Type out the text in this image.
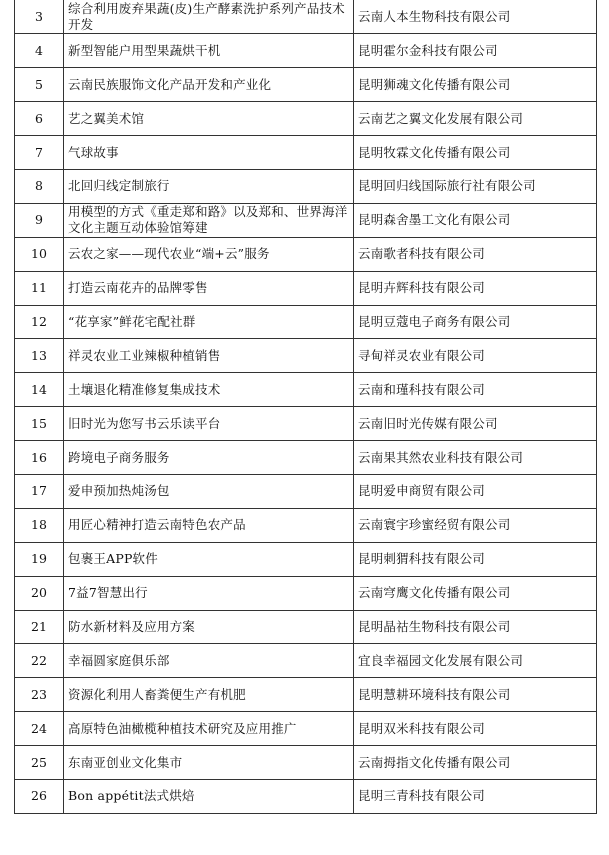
3	综合利用废弃果蔬(皮)生产酵素洗护系列产品技术开发	云南人本生物科技有限公司
4	新型智能户用型果蔬烘干机	昆明霍尔金科技有限公司
5	云南民族服饰文化产品开发和产业化	昆明狮魂文化传播有限公司
6	艺之翼美术馆	云南艺之翼文化发展有限公司
7	气球故事	昆明牧霖文化传播有限公司
8	北回归线定制旅行	昆明回归线国际旅行社有限公司
9	用模型的方式《重走郑和路》以及郑和、世界海洋文化主题互动体验馆筹建	昆明森舍墨工文化有限公司
10	云农之家——现代农业“端+云”服务	云南歌者科技有限公司
11	打造云南花卉的品牌零售	昆明卉辉科技有限公司
12	“花享家”鲜花宅配社群	昆明豆蔻电子商务有限公司
13	祥灵农业工业辣椒种植销售	寻甸祥灵农业有限公司
14	土壤退化精准修复集成技术	云南和瑾科技有限公司
15	旧时光为您写书云乐读平台	云南旧时光传媒有限公司
16	跨境电子商务服务	云南果其然农业科技有限公司
17	爱申预加热炖汤包	昆明爱申商贸有限公司
18	用匠心精神打造云南特色农产品	云南寰宇珍蜜经贸有限公司
19	包裹王APP软件	昆明刺猬科技有限公司
20	7益7智慧出行	云南穹鹰文化传播有限公司
21	防水新材料及应用方案	昆明晶祜生物科技有限公司
22	幸福圆家庭俱乐部	宜良幸福园文化发展有限公司
23	资源化利用人畜粪便生产有机肥	昆明慧耕环境科技有限公司
24	高原特色油橄榄种植技术研究及应用推广	昆明双米科技有限公司
25	东南亚创业文化集市	云南拇指文化传播有限公司
26	Bon appétit法式烘焙	昆明三青科技有限公司
